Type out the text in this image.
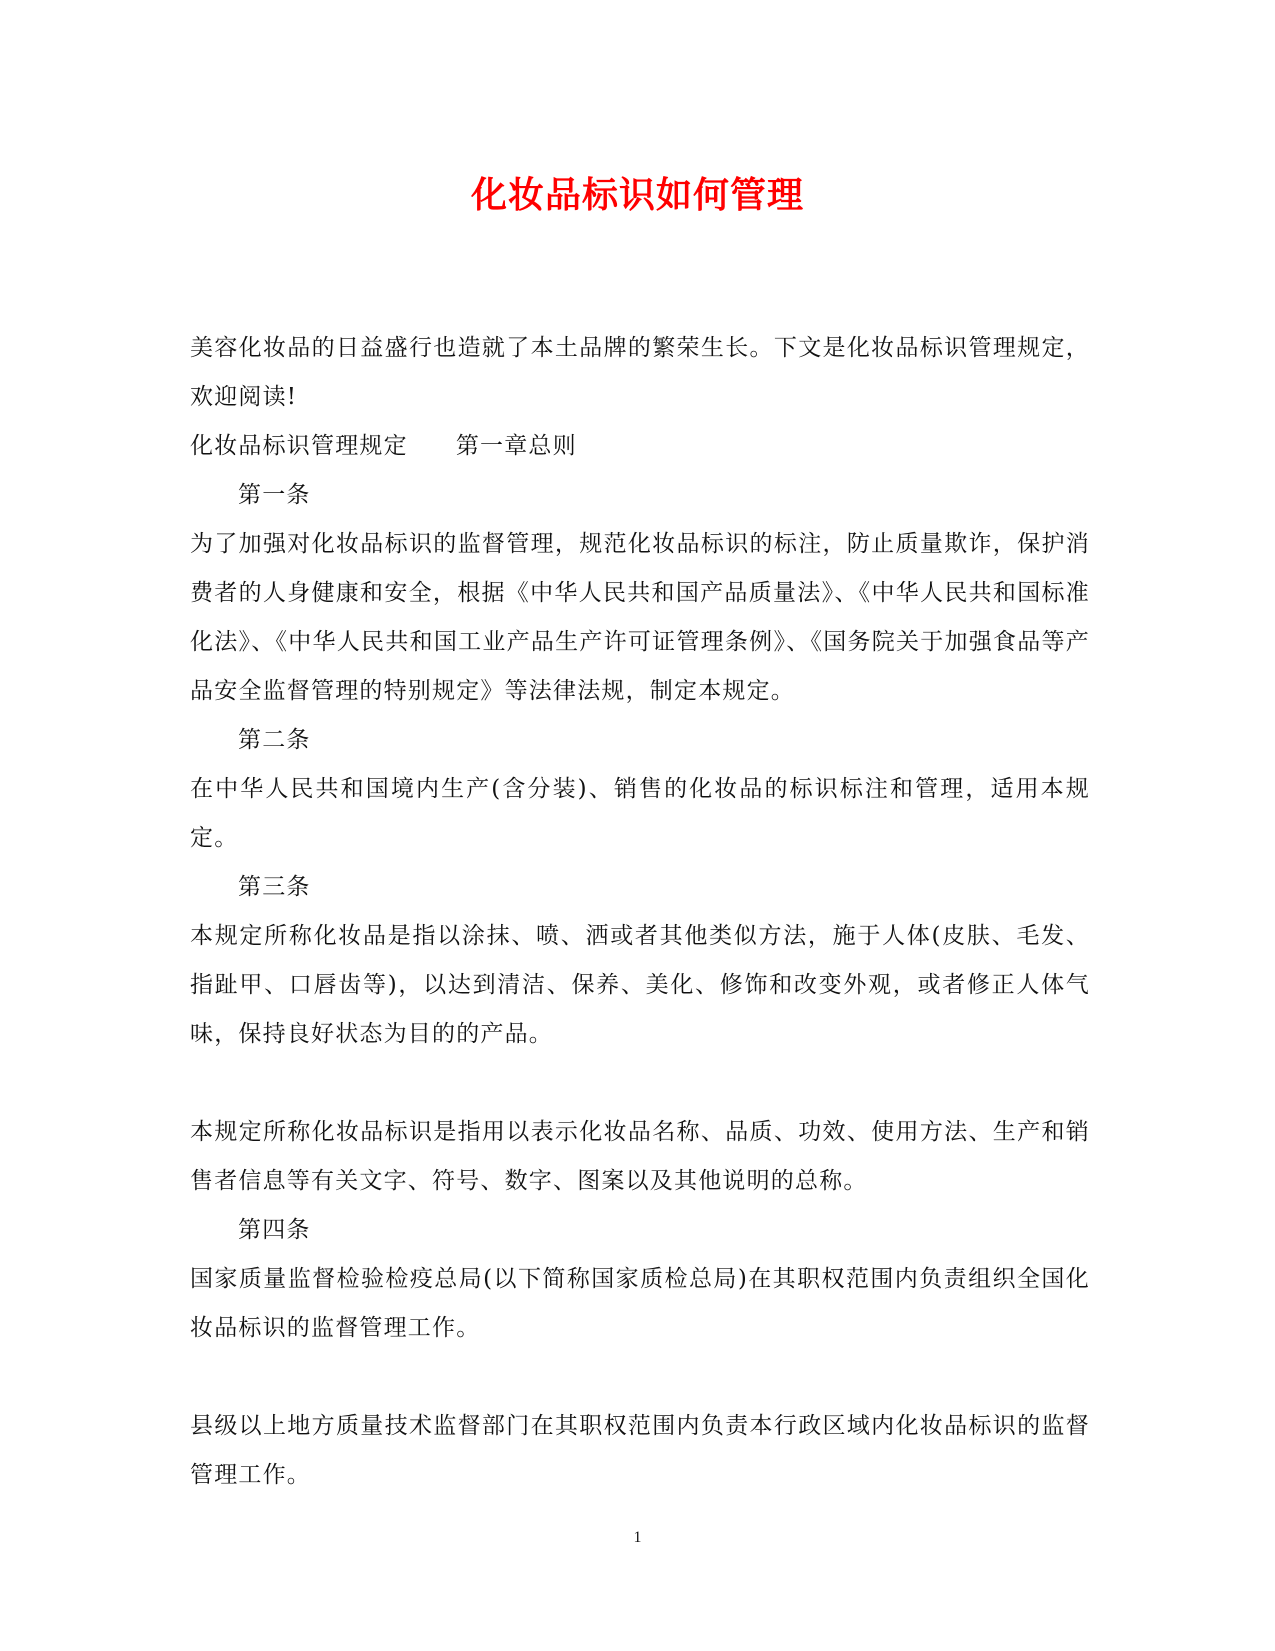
化妆品标识如何管理

美容化妆品的日益盛行也造就了本土品牌的繁荣生长。下文是化妆品标识管理规定，欢迎阅读!

化妆品标识管理规定 第一章总则

第一条

为了加强对化妆品标识的监督管理，规范化妆品标识的标注，防止质量欺诈，保护消费者的人身健康和安全，根据《中华人民共和国产品质量法》、《中华人民共和国标准化法》、《中华人民共和国工业产品生产许可证管理条例》、《国务院关于加强食品等产品安全监督管理的特别规定》等法律法规，制定本规定。

第二条

在中华人民共和国境内生产(含分装)、销售的化妆品的标识标注和管理，适用本规定。

第三条

本规定所称化妆品是指以涂抹、喷、洒或者其他类似方法，施于人体(皮肤、毛发、指趾甲、口唇齿等)，以达到清洁、保养、美化、修饰和改变外观，或者修正人体气味，保持良好状态为目的的产品。

本规定所称化妆品标识是指用以表示化妆品名称、品质、功效、使用方法、生产和销售者信息等有关文字、符号、数字、图案以及其他说明的总称。

第四条

国家质量监督检验检疫总局(以下简称国家质检总局)在其职权范围内负责组织全国化妆品标识的监督管理工作。

县级以上地方质量技术监督部门在其职权范围内负责本行政区域内化妆品标识的监督管理工作。

1
